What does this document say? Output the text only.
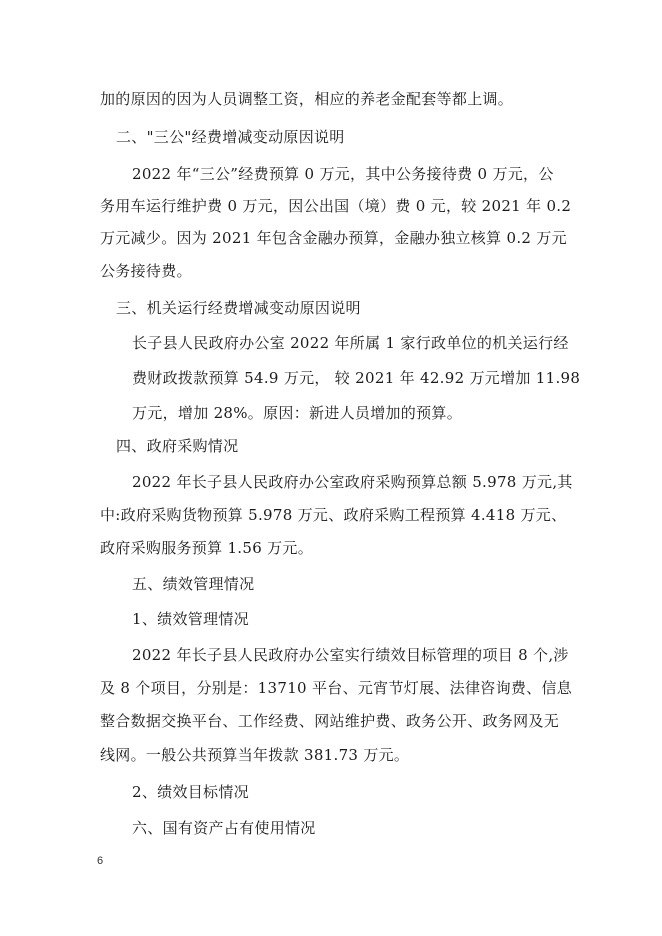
加的原因的因为人员调整工资，相应的养老金配套等都上调。
二、"三公"经费增减变动原因说明
2022 年“三公”经费预算 0 万元，其中公务接待费 0 万元，公
务用车运行维护费 0 万元，因公出国（境）费 0 元，较 2021 年 0.2
万元减少。因为 2021 年包含金融办预算，金融办独立核算 0.2 万元
公务接待费。
三、机关运行经费增减变动原因说明
长子县人民政府办公室 2022 年所属 1 家行政单位的机关运行经
费财政拨款预算 54.9 万元， 较 2021 年 42.92 万元增加 11.98
万元，增加 28%。原因：新进人员增加的预算。
四、政府采购情况
2022 年长子县人民政府办公室政府采购预算总额 5.978 万元,其
中:政府采购货物预算 5.978 万元、政府采购工程预算 4.418 万元、
政府采购服务预算 1.56 万元。
五、绩效管理情况
1、绩效管理情况
2022 年长子县人民政府办公室实行绩效目标管理的项目 8 个,涉
及 8 个项目，分别是：13710 平台、元宵节灯展、法律咨询费、信息
整合数据交换平台、工作经费、网站维护费、政务公开、政务网及无
线网。一般公共预算当年拨款 381.73 万元。
2、绩效目标情况
六、国有资产占有使用情况
6
